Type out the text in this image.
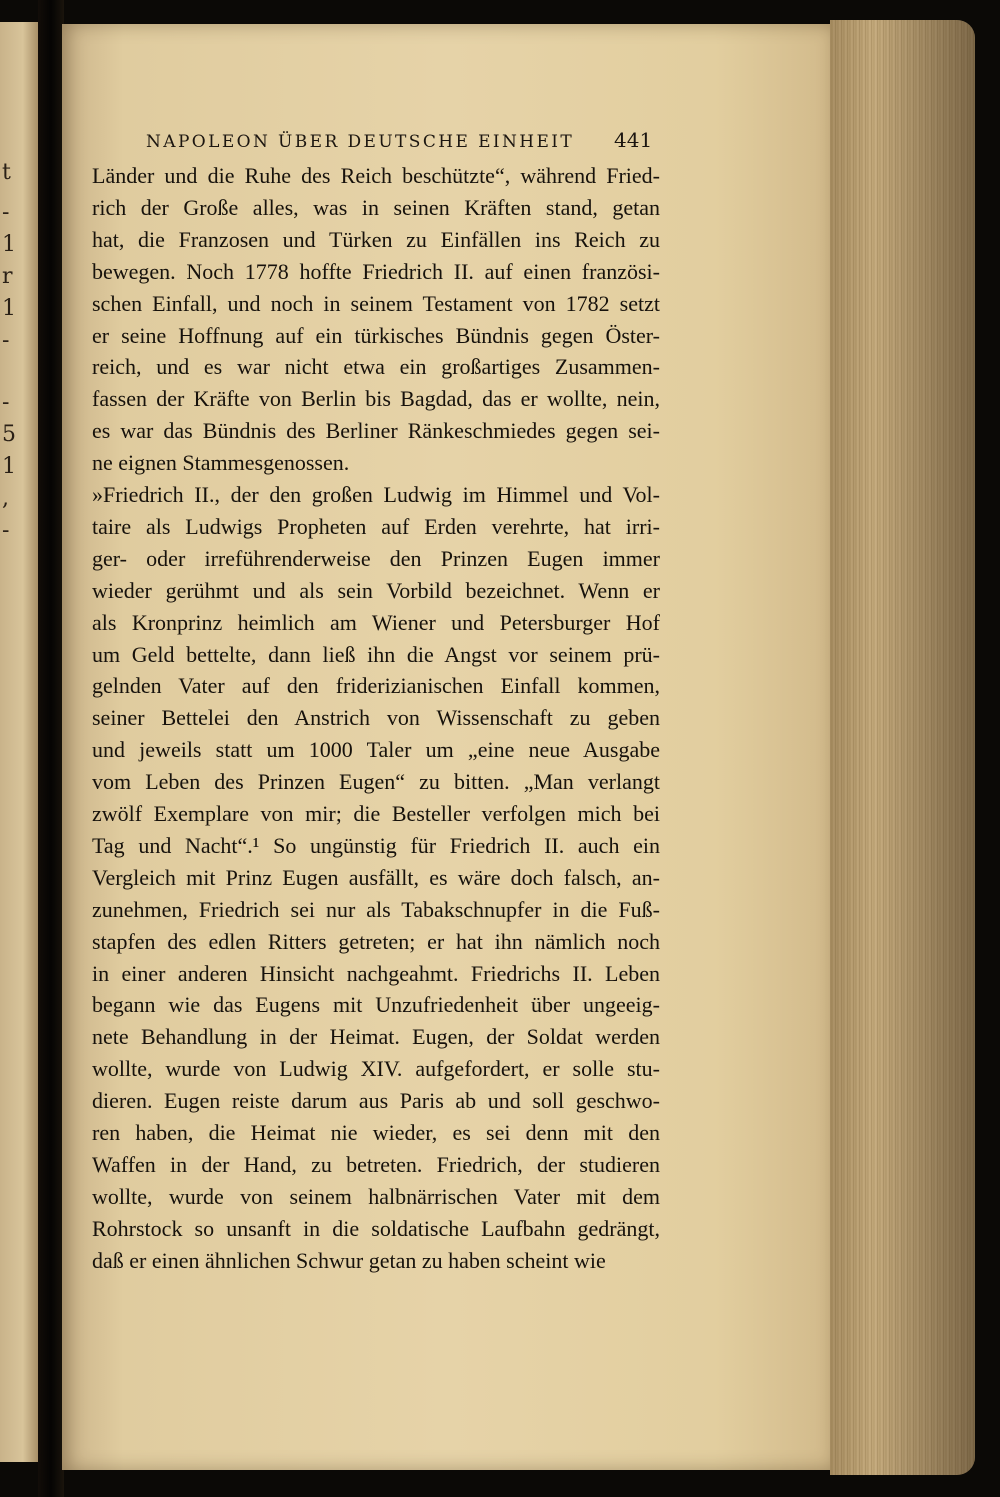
t
-
1
r
1
-
-
5
1
,
-
NAPOLEON ÜBER DEUTSCHE EINHEIT	441
Länder und die Ruhe des Reich beschützte“, während Fried-
rich der Große alles, was in seinen Kräften stand, getan
hat, die Franzosen und Türken zu Einfällen ins Reich zu
bewegen. Noch 1778 hoffte Friedrich II. auf einen französi-
schen Einfall, und noch in seinem Testament von 1782 setzt
er seine Hoffnung auf ein türkisches Bündnis gegen Öster-
reich, und es war nicht etwa ein großartiges Zusammen-
fassen der Kräfte von Berlin bis Bagdad, das er wollte, nein,
es war das Bündnis des Berliner Ränkeschmiedes gegen sei-
ne eignen Stammesgenossen.
»Friedrich II., der den großen Ludwig im Himmel und Vol-
taire als Ludwigs Propheten auf Erden verehrte, hat irri-
ger- oder irreführenderweise den Prinzen Eugen immer
wieder gerühmt und als sein Vorbild bezeichnet. Wenn er
als Kronprinz heimlich am Wiener und Petersburger Hof
um Geld bettelte, dann ließ ihn die Angst vor seinem prü-
gelnden Vater auf den friderizianischen Einfall kommen,
seiner Bettelei den Anstrich von Wissenschaft zu geben
und jeweils statt um 1000 Taler um „eine neue Ausgabe
vom Leben des Prinzen Eugen“ zu bitten. „Man verlangt
zwölf Exemplare von mir; die Besteller verfolgen mich bei
Tag und Nacht“.¹ So ungünstig für Friedrich II. auch ein
Vergleich mit Prinz Eugen ausfällt, es wäre doch falsch, an-
zunehmen, Friedrich sei nur als Tabakschnupfer in die Fuß-
stapfen des edlen Ritters getreten; er hat ihn nämlich noch
in einer anderen Hinsicht nachgeahmt. Friedrichs II. Leben
begann wie das Eugens mit Unzufriedenheit über ungeeig-
nete Behandlung in der Heimat. Eugen, der Soldat werden
wollte, wurde von Ludwig XIV. aufgefordert, er solle stu-
dieren. Eugen reiste darum aus Paris ab und soll geschwo-
ren haben, die Heimat nie wieder, es sei denn mit den
Waffen in der Hand, zu betreten. Friedrich, der studieren
wollte, wurde von seinem halbnärrischen Vater mit dem
Rohrstock so unsanft in die soldatische Laufbahn gedrängt,
daß er einen ähnlichen Schwur getan zu haben scheint wie
